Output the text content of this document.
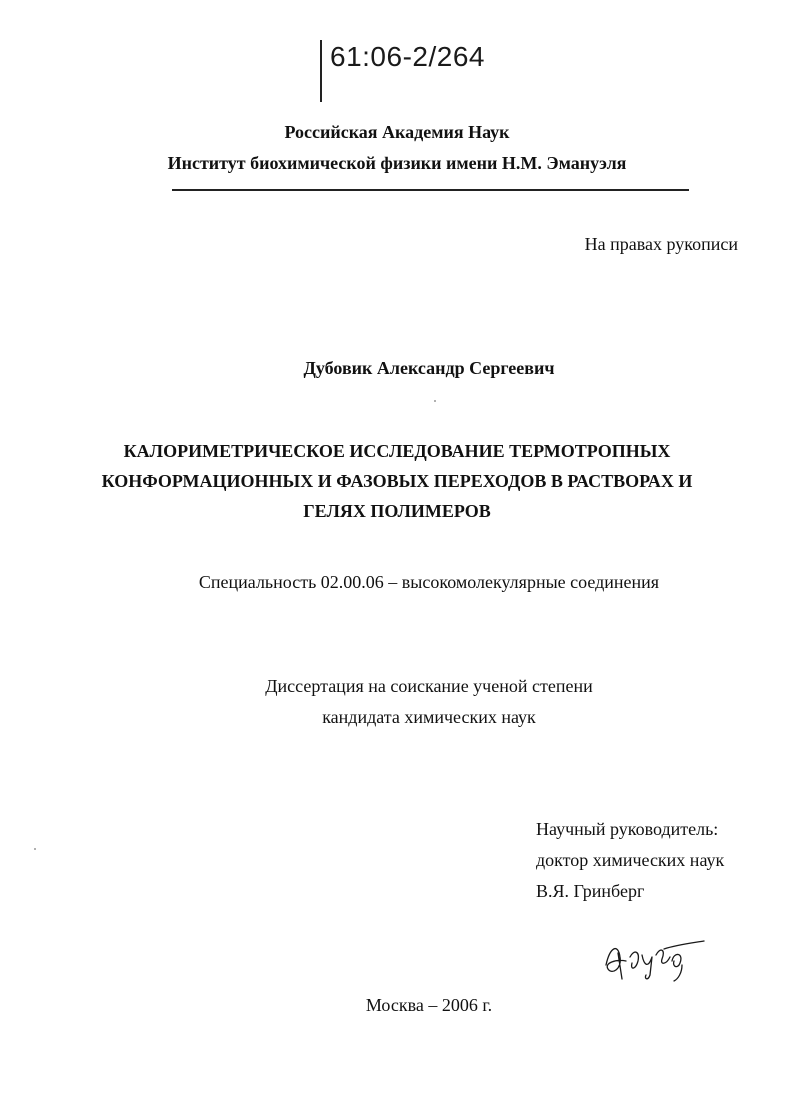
61:06-2/264
Российская Академия Наук
Институт биохимической физики имени Н.М. Эмануэля
На правах рукописи
Дубовик Александр Сергеевич
КАЛОРИМЕТРИЧЕСКОЕ ИССЛЕДОВАНИЕ ТЕРМОТРОПНЫХ
КОНФОРМАЦИОННЫХ И ФАЗОВЫХ ПЕРЕХОДОВ В РАСТВОРАХ И
ГЕЛЯХ ПОЛИМЕРОВ
Специальность 02.00.06 – высокомолекулярные соединения
Диссертация на соискание ученой степени
кандидата химических наук
Научный руководитель:
доктор химических наук
В.Я. Гринберг
Москва – 2006 г.
